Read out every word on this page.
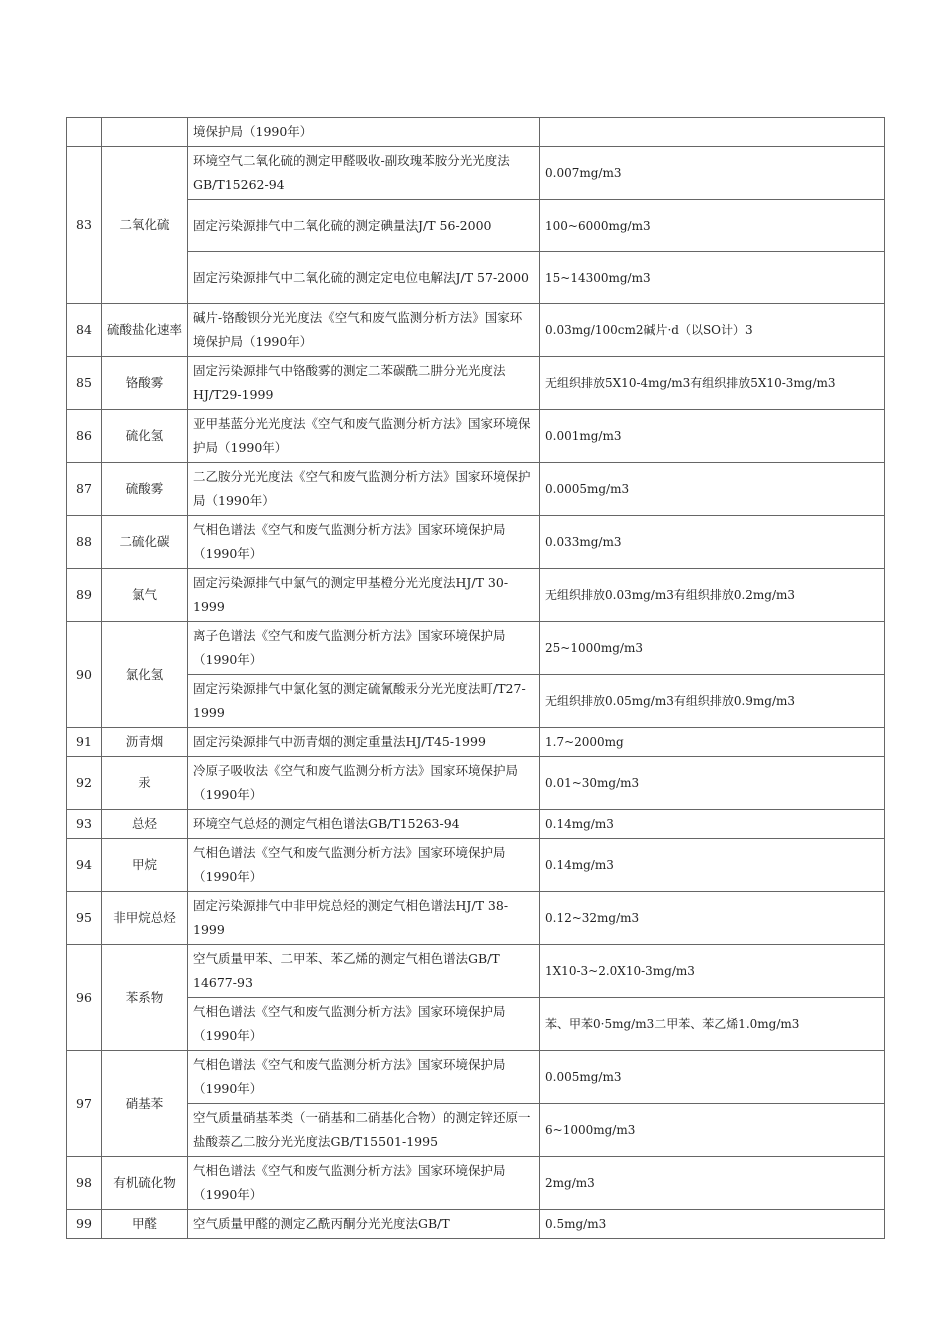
		境保护局（1990年）	
83	二氧化硫	环境空气二氧化硫的测定甲醛吸收-副玫瑰苯胺分光光度法GB/T15262-94	0.007mg/m3
		固定污染源排气中二氧化硫的测定碘量法J/T 56-2000	100~6000mg/m3
		固定污染源排气中二氧化硫的测定定电位电解法J/T 57-2000	15~14300mg/m3
84	硫酸盐化速率	碱片-铬酸钡分光光度法《空气和废气监测分析方法》国家环境保护局（1990年）	0.03mg/100cm2碱片·d（以SO计）3
85	铬酸雾	固定污染源排气中铬酸雾的测定二苯碳酰二肼分光光度法HJ/T29-1999	无组织排放5X10-4mg/m3有组织排放5X10-3mg/m3
86	硫化氢	亚甲基蓝分光光度法《空气和废气监测分析方法》国家环境保护局（1990年）	0.001mg/m3
87	硫酸雾	二乙胺分光光度法《空气和废气监测分析方法》国家环境保护局（1990年）	0.0005mg/m3
88	二硫化碳	气相色谱法《空气和废气监测分析方法》国家环境保护局（1990年）	0.033mg/m3
89	氯气	固定污染源排气中氯气的测定甲基橙分光光度法HJ/T 30-1999	无组织排放0.03mg/m3有组织排放0.2mg/m3
90	氯化氢	离子色谱法《空气和废气监测分析方法》国家环境保护局（1990年）	25~1000mg/m3
		固定污染源排气中氯化氢的测定硫氰酸汞分光光度法町/T27-1999	无组织排放0.05mg/m3有组织排放0.9mg/m3
91	沥青烟	固定污染源排气中沥青烟的测定重量法HJ/T45-1999	1.7~2000mg
92	汞	冷原子吸收法《空气和废气监测分析方法》国家环境保护局（1990年）	0.01~30mg/m3
93	总烃	环境空气总烃的测定气相色谱法GB/T15263-94	0.14mg/m3
94	甲烷	气相色谱法《空气和废气监测分析方法》国家环境保护局（1990年）	0.14mg/m3
95	非甲烷总烃	固定污染源排气中非甲烷总烃的测定气相色谱法HJ/T 38-1999	0.12~32mg/m3
96	苯系物	空气质量甲苯、二甲苯、苯乙烯的测定气相色谱法GB/T 14677-93	1X10-3~2.0X10-3mg/m3
		气相色谱法《空气和废气监测分析方法》国家环境保护局（1990年）	苯、甲苯0·5mg/m3二甲苯、苯乙烯1.0mg/m3
97	硝基苯	气相色谱法《空气和废气监测分析方法》国家环境保护局（1990年）	0.005mg/m3
		空气质量硝基苯类（一硝基和二硝基化合物）的测定锌还原一盐酸萘乙二胺分光光度法GB/T15501-1995	6~1000mg/m3
98	有机硫化物	气相色谱法《空气和废气监测分析方法》国家环境保护局（1990年）	2mg/m3
99	甲醛	空气质量甲醛的测定乙酰丙酮分光光度法GB/T	0.5mg/m3
